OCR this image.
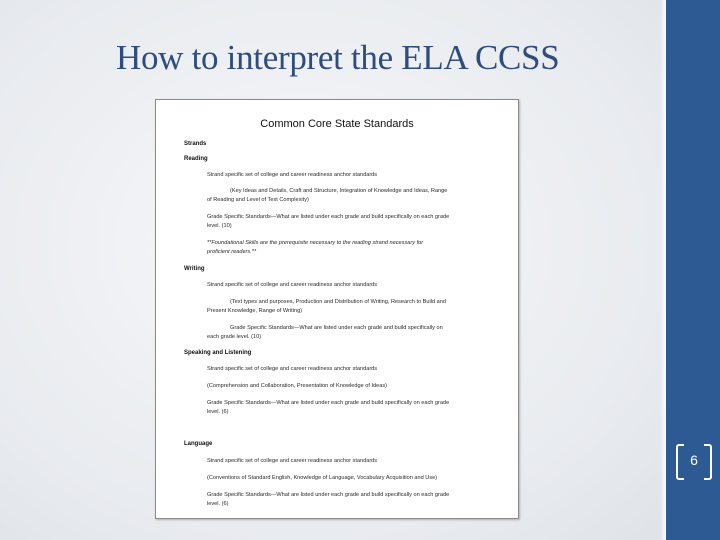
How to interpret the ELA CCSS
Common Core State Standards
Strands
Reading
Strand specific set of college and career readiness anchor standards
(Key Ideas and Details, Craft and Structure, Integration of Knowledge and Ideas, Range
of Reading and Level of Text Complexity)
Grade Specific Standards—What are listed under each grade and build specifically on each grade
level. (10)
**Foundational Skills are the prerequisite necessary to the reading strand necessary for
proficient readers.**
Writing
Strand specific set of college and career readiness anchor standards
(Text types and purposes, Production and Distribution of Writing, Research to Build and
Present Knowledge, Range of Writing)
Grade Specific Standards—What are listed under each grade and build specifically on
each grade level. (10)
Speaking and Listening
Strand specific set of college and career readiness anchor standards
(Comprehension and Collaboration, Presentation of Knowledge of Ideas)
Grade Specific Standards—What are listed under each grade and build specifically on each grade
level. (6)
Language
Strand specific set of college and career readiness anchor standards
(Conventions of Standard English, Knowledge of Language, Vocabulary Acquisition and Use)
Grade Specific Standards—What are listed under each grade and build specifically on each grade
level. (6)
6
